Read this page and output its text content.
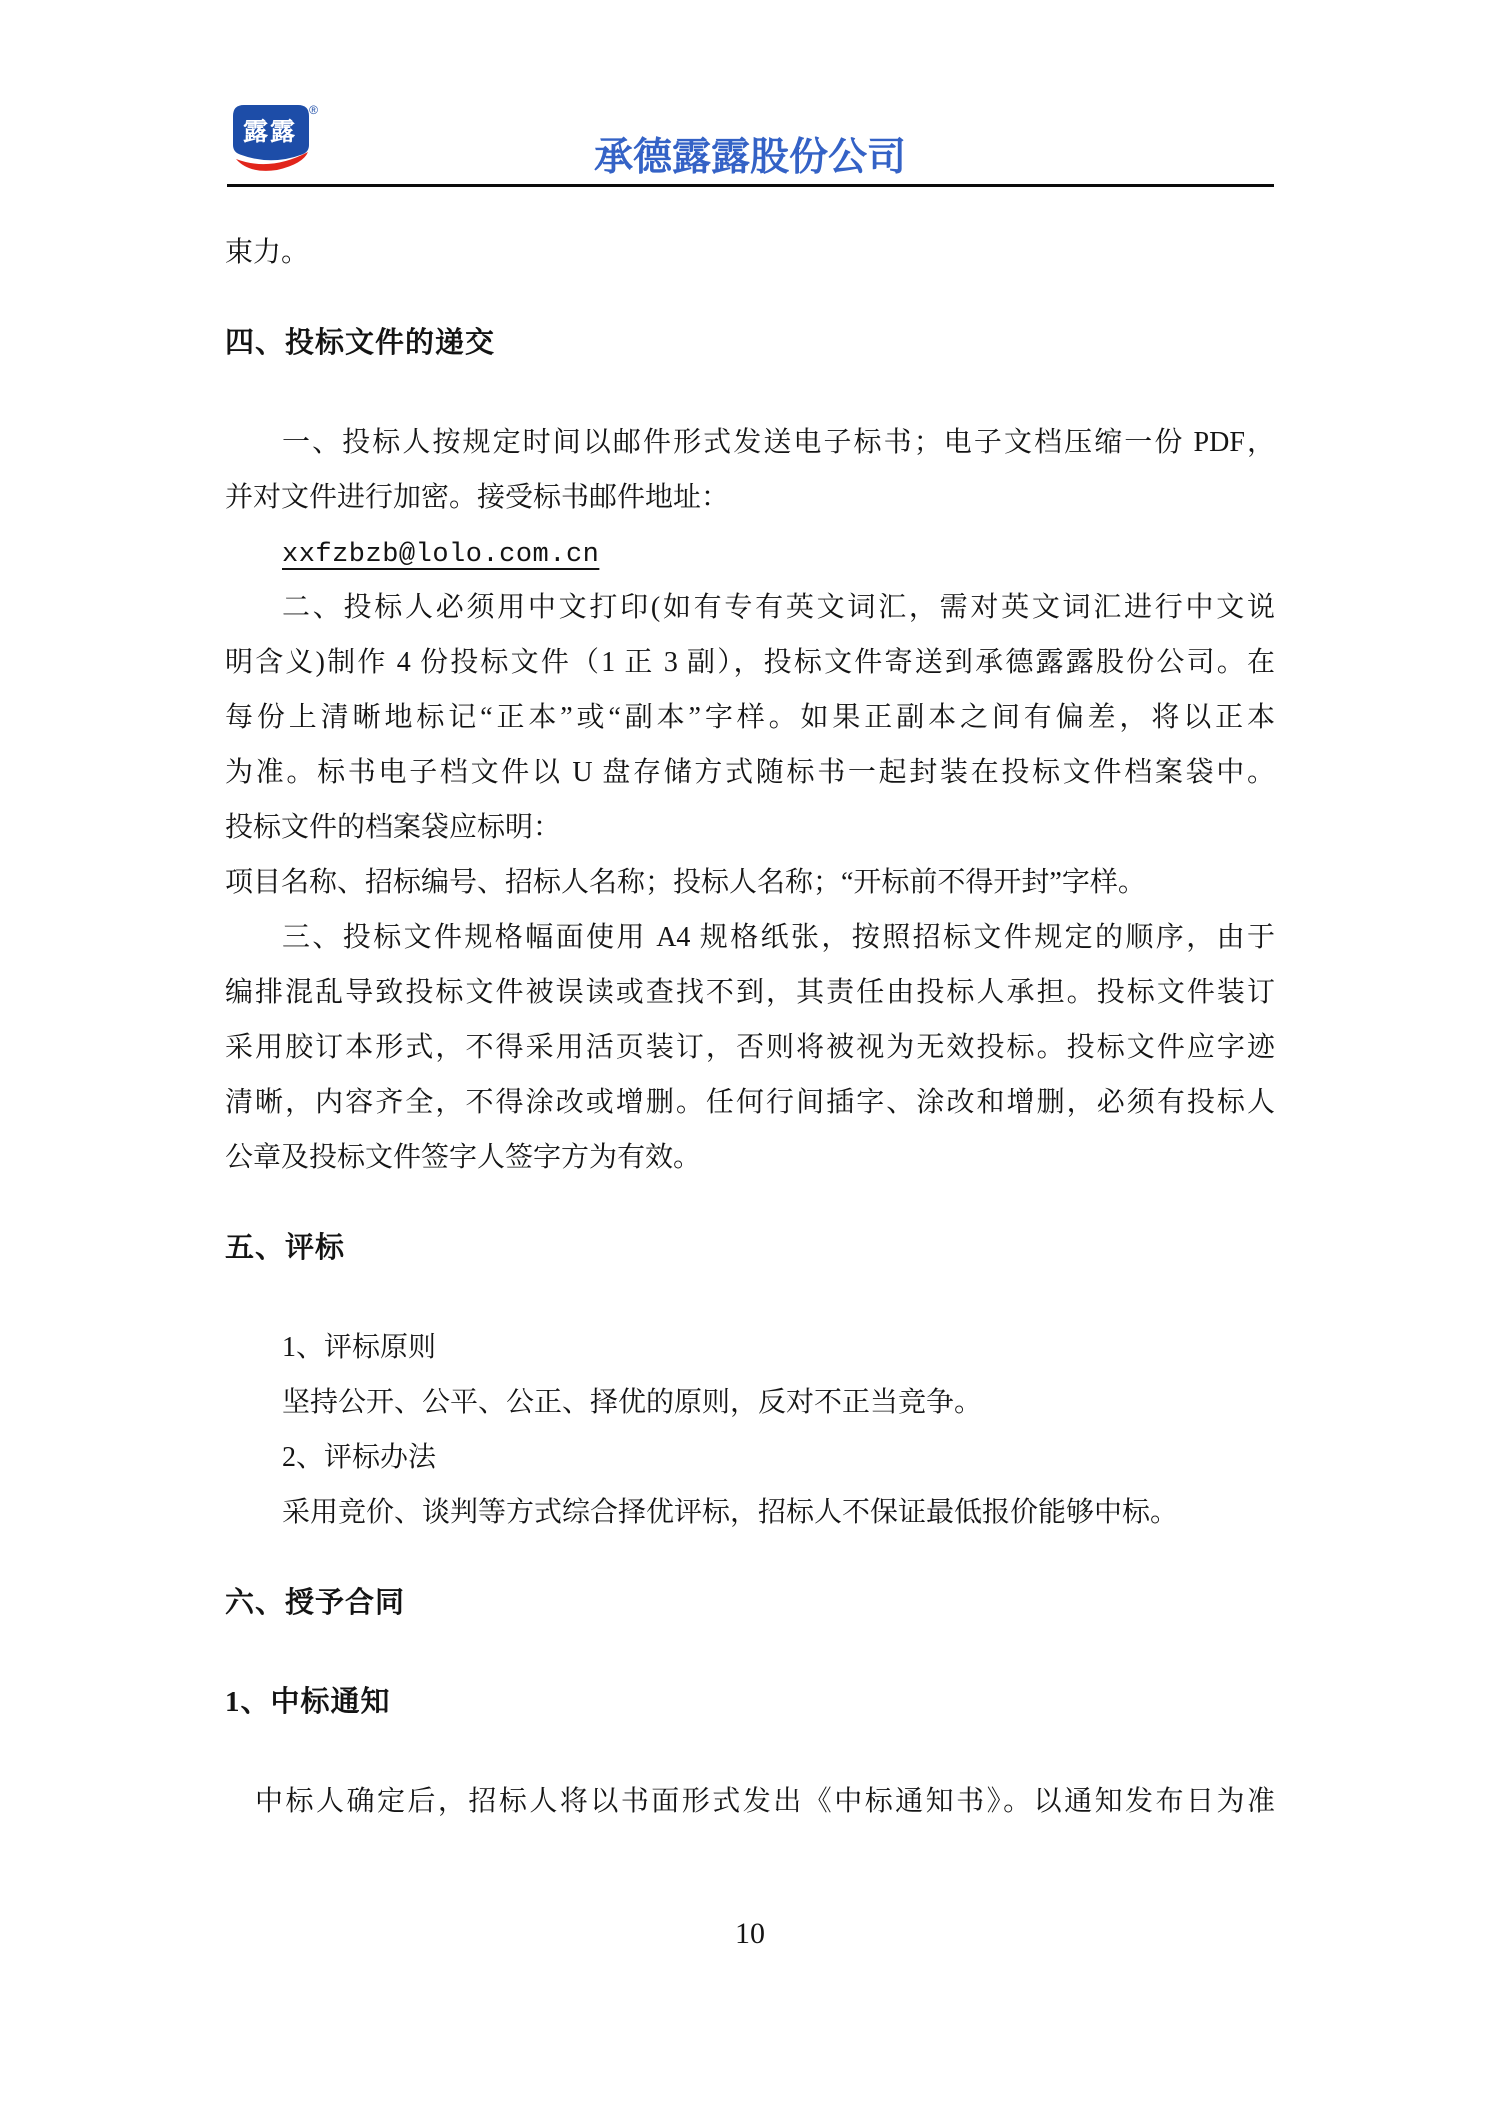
露露
®
承德露露股份公司
束力。
四、投标文件的递交
一、投标人按规定时间以邮件形式发送电子标书；电子文档压缩一份 PDF，
并对文件进行加密。接受标书邮件地址：
xxfzbzb@lolo.com.cn
二、投标人必须用中文打印(如有专有英文词汇，需对英文词汇进行中文说
明含义)制作 4 份投标文件（1 正 3 副），投标文件寄送到承德露露股份公司。在
每份上清晰地标记“正本”或“副本”字样。如果正副本之间有偏差，将以正本
为准。标书电子档文件以 U 盘存储方式随标书一起封装在投标文件档案袋中。
投标文件的档案袋应标明：
项目名称、招标编号、招标人名称；投标人名称；“开标前不得开封”字样。
三、投标文件规格幅面使用 A4 规格纸张，按照招标文件规定的顺序，由于
编排混乱导致投标文件被误读或查找不到，其责任由投标人承担。投标文件装订
采用胶订本形式，不得采用活页装订，否则将被视为无效投标。投标文件应字迹
清晰，内容齐全，不得涂改或增删。任何行间插字、涂改和增删，必须有投标人
公章及投标文件签字人签字方为有效。
五、评标
1、评标原则
坚持公开、公平、公正、择优的原则，反对不正当竞争。
2、评标办法
采用竞价、谈判等方式综合择优评标，招标人不保证最低报价能够中标。
六、授予合同
1、中标通知
中标人确定后，招标人将以书面形式发出《中标通知书》。以通知发布日为准
10
